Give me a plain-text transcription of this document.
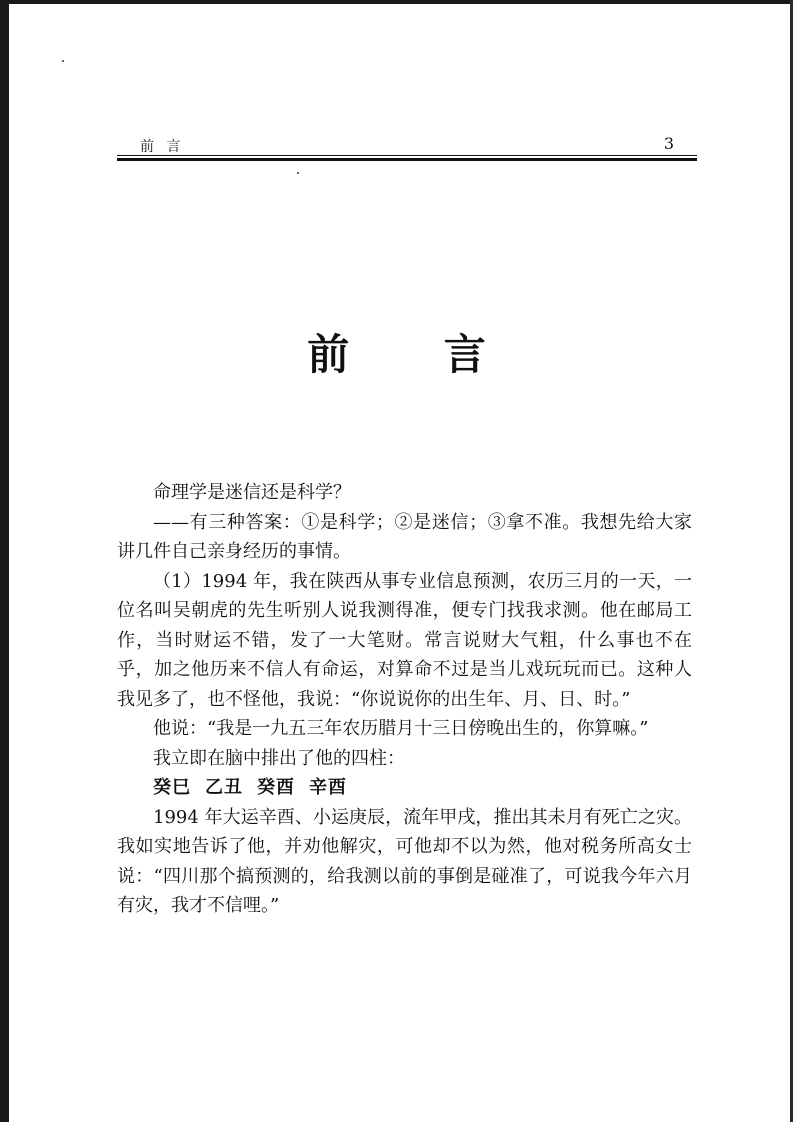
前 言	3
前 言

命理学是迷信还是科学？

——有三种答案：①是科学；②是迷信；③拿不准。我想先给大家讲几件自己亲身经历的事情。

（1）1994 年，我在陕西从事专业信息预测，农历三月的一天，一位名叫吴朝虎的先生听别人说我测得准，便专门找我求测。他在邮局工作，当时财运不错，发了一大笔财。常言说财大气粗，什么事也不在乎，加之他历来不信人有命运，对算命不过是当儿戏玩玩而已。这种人我见多了，也不怪他，我说：“你说说你的出生年、月、日、时。”

他说：“我是一九五三年农历腊月十三日傍晚出生的，你算嘛。”

我立即在脑中排出了他的四柱：

癸巳 乙丑 癸酉 辛酉

1994 年大运辛酉、小运庚辰，流年甲戌，推出其未月有死亡之灾。我如实地告诉了他，并劝他解灾，可他却不以为然，他对税务所高女士说：“四川那个搞预测的，给我测以前的事倒是碰准了，可说我今年六月有灾，我才不信哩。”
